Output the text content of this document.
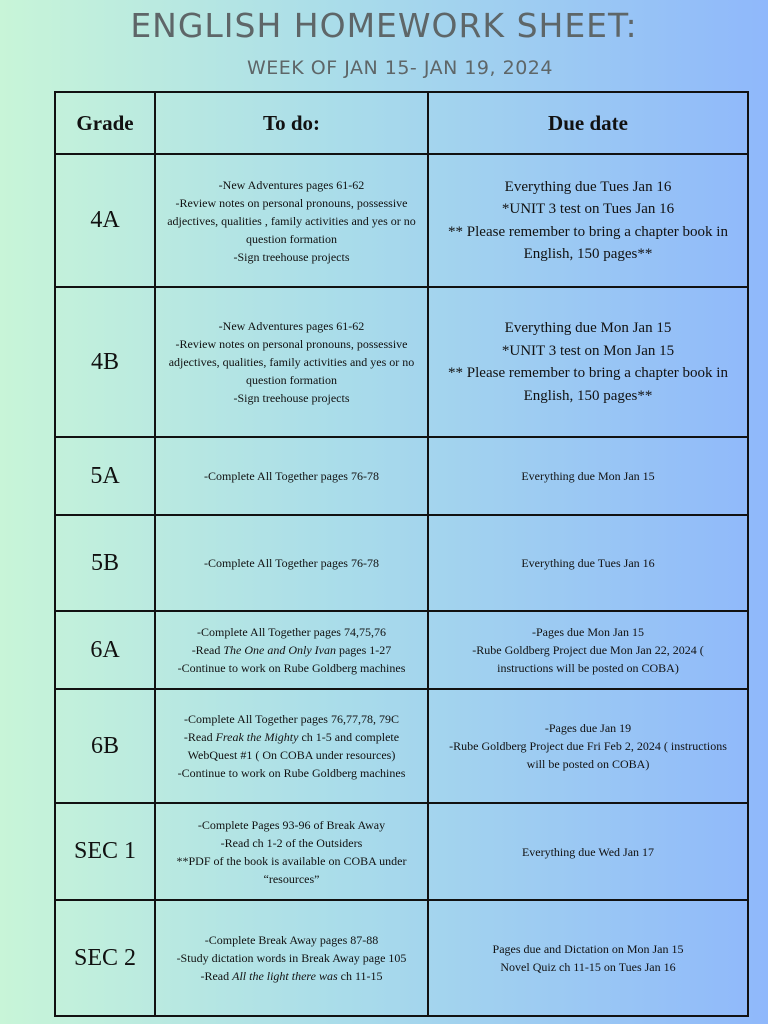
ENGLISH HOMEWORK SHEET:
WEEK OF JAN 15- JAN 19, 2024
Grade	To do:	Due date
4A	-New Adventures pages 61-62
-Review notes on personal pronouns, possessive
adjectives, qualities , family activities and yes or no
question formation
-Sign treehouse projects	Everything due Tues Jan 16
*UNIT 3 test on Tues Jan 16
** Please remember to bring a chapter book in
English, 150 pages**

4B	-New Adventures pages 61-62
-Review notes on personal pronouns, possessive
adjectives, qualities, family activities and yes or no
question formation
-Sign treehouse projects	Everything due Mon Jan 15
*UNIT 3 test on Mon Jan 15
** Please remember to bring a chapter book in
English, 150 pages**

5A	-Complete All Together pages 76-78	Everything due Mon Jan 15

5B	-Complete All Together pages 76-78	Everything due Tues Jan 16

6A	-Complete All Together pages 74,75,76
-Read The One and Only Ivan pages 1-27
-Continue to work on Rube Goldberg machines	-Pages due Mon Jan 15
-Rube Goldberg Project due Mon Jan 22, 2024 (
instructions will be posted on COBA)

6B	-Complete All Together pages 76,77,78, 79C
-Read Freak the Mighty ch 1-5 and complete
WebQuest #1 ( On COBA under resources)
-Continue to work on Rube Goldberg machines	-Pages due Jan 19
-Rube Goldberg Project due Fri Feb 2, 2024 ( instructions
will be posted on COBA)

SEC 1	-Complete Pages 93-96 of Break Away
-Read ch 1-2 of the Outsiders
**PDF of the book is available on COBA under
“resources”	Everything due Wed Jan 17

SEC 2	-Complete Break Away pages 87-88
-Study dictation words in Break Away page 105
-Read All the light there was ch 11-15	Pages due and Dictation on Mon Jan 15
Novel Quiz ch 11-15 on Tues Jan 16
